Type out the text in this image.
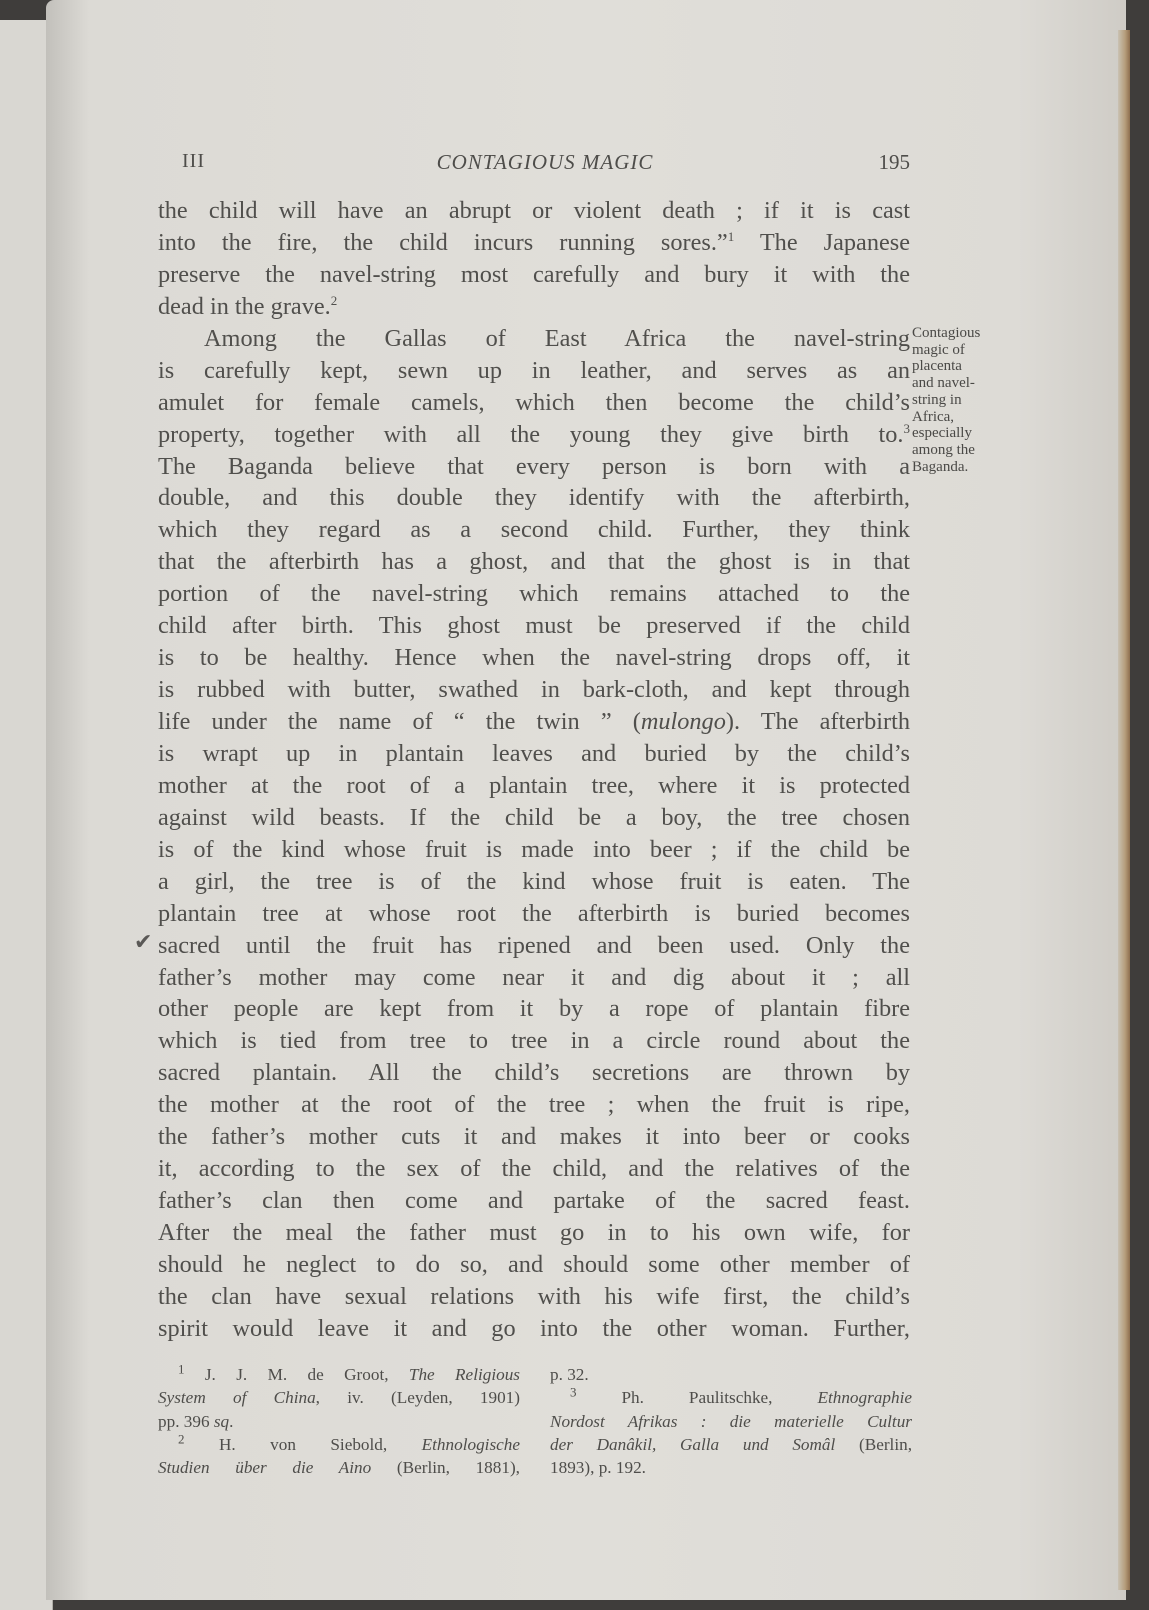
III	CONTAGIOUS MAGIC	195
the child will have an abrupt or violent death ; if it is cast
into the fire, the child incurs running sores.”$^1$ The Japanese
preserve the navel-string most carefully and bury it with the
dead in the grave.$^2$
Among the Gallas of East Africa the navel-string
is carefully kept, sewn up in leather, and serves as an
amulet for female camels, which then become the child’s
property, together with all the young they give birth to.$^3$
The Baganda believe that every person is born with a
double, and this double they identify with the afterbirth,
which they regard as a second child. Further, they think
that the afterbirth has a ghost, and that the ghost is in that
portion of the navel-string which remains attached to the
child after birth. This ghost must be preserved if the child
is to be healthy. Hence when the navel-string drops off, it
is rubbed with butter, swathed in bark-cloth, and kept through
life under the name of “ the twin ” (mulongo). The afterbirth
is wrapt up in plantain leaves and buried by the child’s
mother at the root of a plantain tree, where it is protected
against wild beasts. If the child be a boy, the tree chosen
is of the kind whose fruit is made into beer ; if the child be
a girl, the tree is of the kind whose fruit is eaten. The
plantain tree at whose root the afterbirth is buried becomes
sacred until the fruit has ripened and been used. Only the
father’s mother may come near it and dig about it ; all
other people are kept from it by a rope of plantain fibre
which is tied from tree to tree in a circle round about the
sacred plantain. All the child’s secretions are thrown by
the mother at the root of the tree ; when the fruit is ripe,
the father’s mother cuts it and makes it into beer or cooks
it, according to the sex of the child, and the relatives of the
father’s clan then come and partake of the sacred feast.
After the meal the father must go in to his own wife, for
should he neglect to do so, and should some other member of
the clan have sexual relations with his wife first, the child’s
spirit would leave it and go into the other woman. Further,
Contagious
magic of
placenta
and navel-
string in
Africa,
especially
among the
Baganda.
✔
$^1$ J. J. M. de Groot, The Religious
System of China, iv. (Leyden, 1901)
pp. 396 sq.
$^2$ H. von Siebold, Ethnologische
Studien über die Aino (Berlin, 1881),
p. 32.
$^3$ Ph. Paulitschke, Ethnographie
Nordost Afrikas : die materielle Cultur
der Danâkil, Galla und Somâl (Berlin,
1893), p. 192.
